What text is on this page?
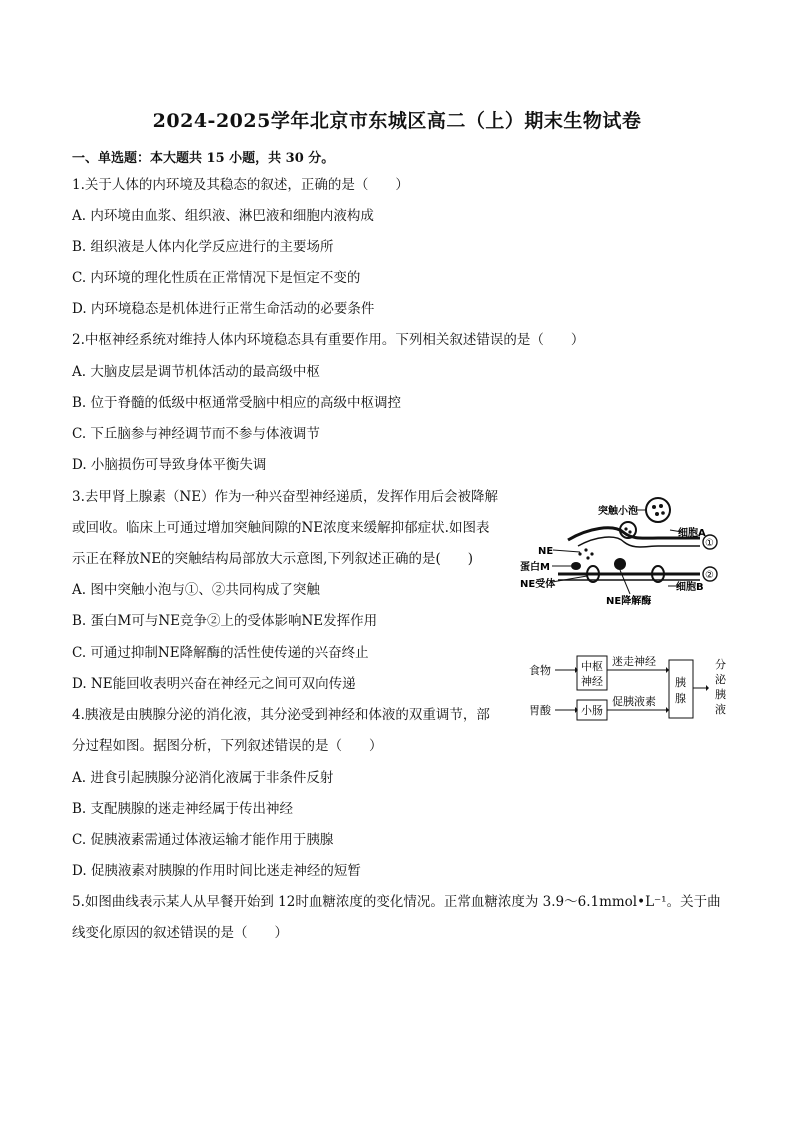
2024-2025学年北京市东城区高二（上）期末生物试卷
一、单选题：本大题共 15 小题，共 30 分。
1.关于人体的内环境及其稳态的叙述，正确的是（　　）
A. 内环境由血浆、组织液、淋巴液和细胞内液构成
B. 组织液是人体内化学反应进行的主要场所
C. 内环境的理化性质在正常情况下是恒定不变的
D. 内环境稳态是机体进行正常生命活动的必要条件
2.中枢神经系统对维持人体内环境稳态具有重要作用。下列相关叙述错误的是（　　）
A. 大脑皮层是调节机体活动的最高级中枢
B. 位于脊髓的低级中枢通常受脑中相应的高级中枢调控
C. 下丘脑参与神经调节而不参与体液调节
D. 小脑损伤可导致身体平衡失调
3.去甲肾上腺素（NE）作为一种兴奋型神经递质，发挥作用后会被降解
或回收。临床上可通过增加突触间隙的NE浓度来缓解抑郁症状.如图表
示正在释放NE的突触结构局部放大示意图,下列叙述正确的是(　　)
A. 图中突触小泡与①、②共同构成了突触
B. 蛋白M可与NE竞争②上的受体影响NE发挥作用
C. 可通过抑制NE降解酶的活性使传递的兴奋终止
D. NE能回收表明兴奋在神经元之间可双向传递
4.胰液是由胰腺分泌的消化液，其分泌受到神经和体液的双重调节，部
分过程如图。据图分析，下列叙述错误的是（　　）
A. 进食引起胰腺分泌消化液属于非条件反射
B. 支配胰腺的迷走神经属于传出神经
C. 促胰液素需通过体液运输才能作用于胰腺
D. 促胰液素对胰腺的作用时间比迷走神经的短暂
5.如图曲线表示某人从早餐开始到 12时血糖浓度的变化情况。正常血糖浓度为 3.9～6.1mmol•L⁻¹。关于曲
线变化原因的叙述错误的是（　　）
突触小泡
细胞A
NE
蛋白M
NE受体
NE降解酶
细胞B
①
②
食物
胃酸
中枢
神经
小肠
迷走神经
促胰液素
胰
腺
分泌胰液
